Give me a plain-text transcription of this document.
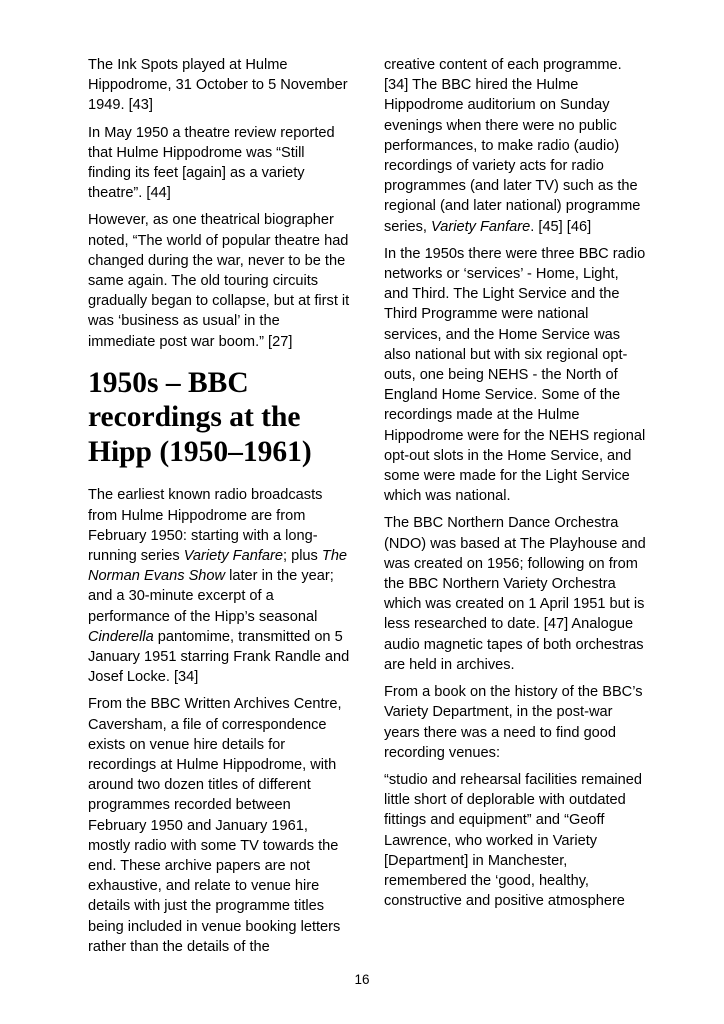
The Ink Spots played at Hulme Hippodrome, 31 October to 5 November 1949. [43]

In May 1950 a theatre review reported that Hulme Hippodrome was “Still finding its feet [again] as a variety theatre”. [44]

However, as one theatrical biographer noted, “The world of popular theatre had changed during the war, never to be the same again. The old touring circuits gradually began to collapse, but at first it was ‘business as usual’ in the immediate post war boom.” [27]

1950s – BBC recordings at the Hipp (1950–1961)

The earliest known radio broadcasts from Hulme Hippodrome are from February 1950: starting with a long-running series Variety Fanfare; plus The Norman Evans Show later in the year; and a 30-minute excerpt of a performance of the Hipp’s seasonal Cinderella pantomime, transmitted on 5 January 1951 starring Frank Randle and Josef Locke. [34]

From the BBC Written Archives Centre, Caversham, a file of correspondence exists on venue hire details for recordings at Hulme Hippodrome, with around two dozen titles of different programmes recorded between February 1950 and January 1961, mostly radio with some TV towards the end. These archive papers are not exhaustive, and relate to venue hire details with just the programme titles being included in venue booking letters rather than the details of the

creative content of each programme. [34] The BBC hired the Hulme Hippodrome auditorium on Sunday evenings when there were no public performances, to make radio (audio) recordings of variety acts for radio programmes (and later TV) such as the regional (and later national) programme series, Variety Fanfare. [45] [46]

In the 1950s there were three BBC radio networks or ‘services’ - Home, Light, and Third. The Light Service and the Third Programme were national services, and the Home Service was also national but with six regional opt-outs, one being NEHS - the North of England Home Service. Some of the recordings made at the Hulme Hippodrome were for the NEHS regional opt-out slots in the Home Service, and some were made for the Light Service which was national.

The BBC Northern Dance Orchestra (NDO) was based at The Playhouse and was created on 1956; following on from the BBC Northern Variety Orchestra which was created on 1 April 1951 but is less researched to date. [47] Analogue audio magnetic tapes of both orchestras are held in archives.

From a book on the history of the BBC’s Variety Department, in the post-war years there was a need to find good recording venues:

“studio and rehearsal facilities remained little short of deplorable with outdated fittings and equipment” and “Geoff Lawrence, who worked in Variety [Department] in Manchester, remembered the ‘good, healthy, constructive and positive atmosphere

16
